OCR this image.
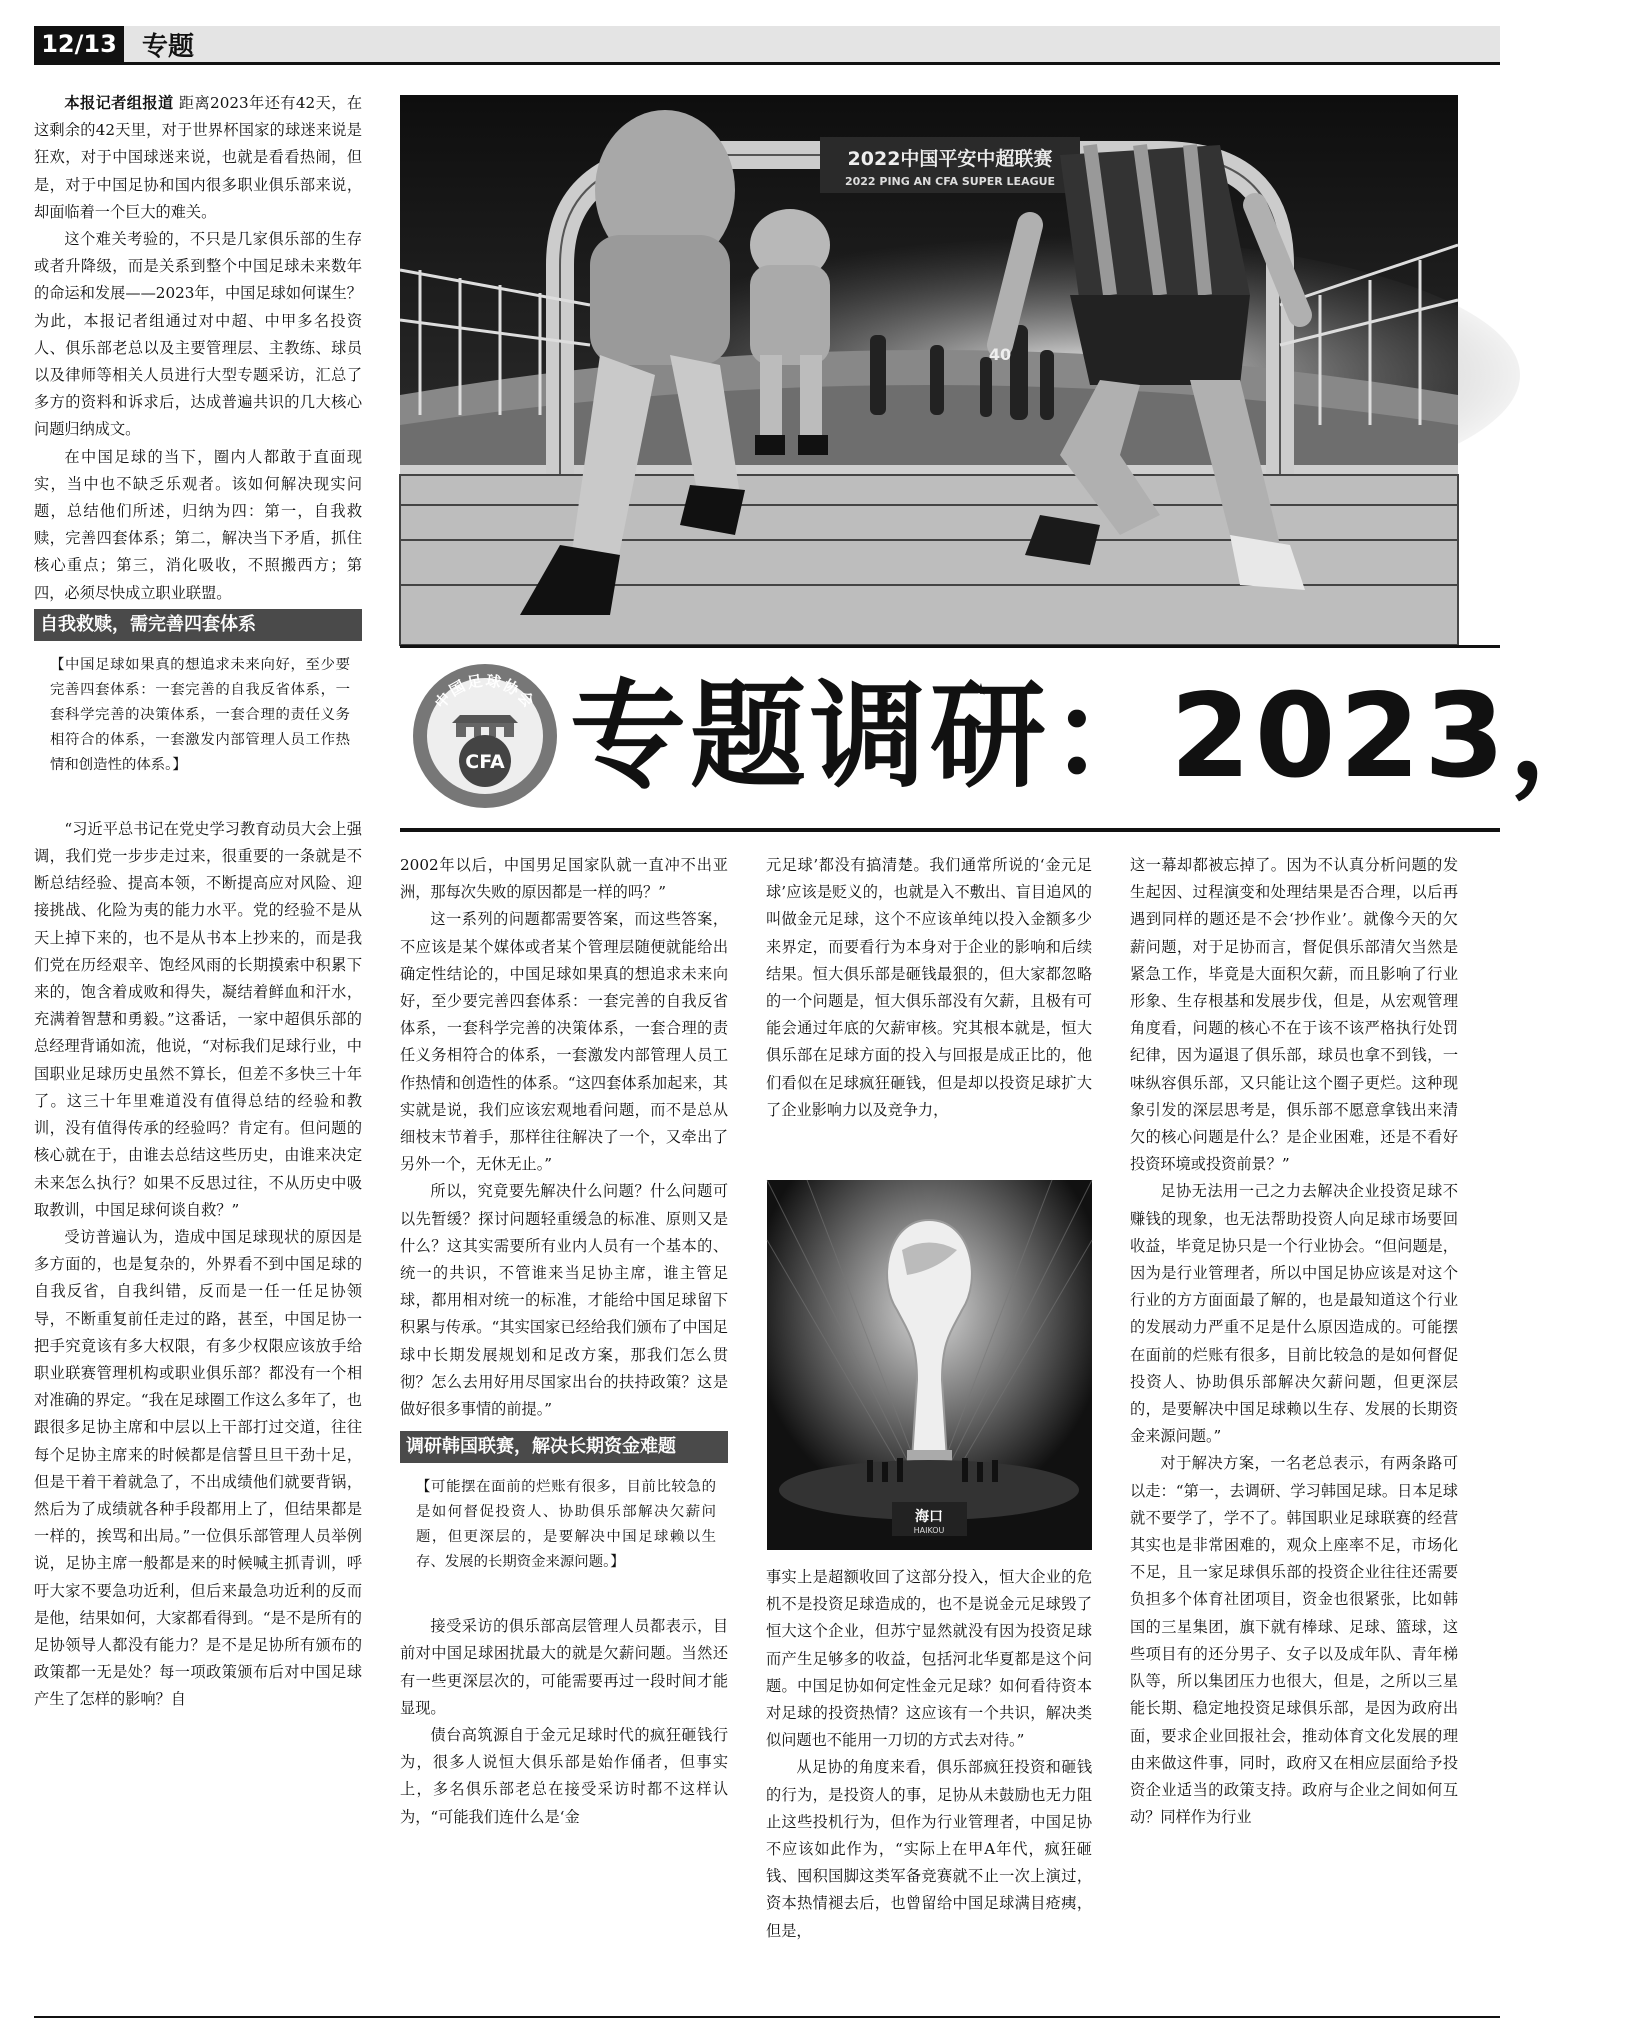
12/13 专题
2022中国平安中超联赛
2022 PING AN CFA SUPER LEAGUE
40
中国足球协会
CFA 专题调研：2023，

本报记者组报道 距离2023年还有42天，在这剩余的42天里，对于世界杯国家的球迷来说是狂欢，对于中国球迷来说，也就是看看热闹，但是，对于中国足协和国内很多职业俱乐部来说，却面临着一个巨大的难关。

这个难关考验的，不只是几家俱乐部的生存或者升降级，而是关系到整个中国足球未来数年的命运和发展——2023年，中国足球如何谋生？为此，本报记者组通过对中超、中甲多名投资人、俱乐部老总以及主要管理层、主教练、球员以及律师等相关人员进行大型专题采访，汇总了多方的资料和诉求后，达成普遍共识的几大核心问题归纳成文。

在中国足球的当下，圈内人都敢于直面现实，当中也不缺乏乐观者。该如何解决现实问题，总结他们所述，归纳为四：第一，自我救赎，完善四套体系；第二，解决当下矛盾，抓住核心重点；第三，消化吸收，不照搬西方；第四，必须尽快成立职业联盟。

自我救赎，需完善四套体系
【中国足球如果真的想追求未来向好，至少要完善四套体系：一套完善的自我反省体系，一套科学完善的决策体系，一套合理的责任义务相符合的体系，一套激发内部管理人员工作热情和创造性的体系。】

“习近平总书记在党史学习教育动员大会上强调，我们党一步步走过来，很重要的一条就是不断总结经验、提高本领，不断提高应对风险、迎接挑战、化险为夷的能力水平。党的经验不是从天上掉下来的，也不是从书本上抄来的，而是我们党在历经艰辛、饱经风雨的长期摸索中积累下来的，饱含着成败和得失，凝结着鲜血和汗水，充满着智慧和勇毅。”这番话，一家中超俱乐部的总经理背诵如流，他说，“对标我们足球行业，中国职业足球历史虽然不算长，但差不多快三十年了。这三十年里难道没有值得总结的经验和教训，没有值得传承的经验吗？肯定有。但问题的核心就在于，由谁去总结这些历史，由谁来决定未来怎么执行？如果不反思过往，不从历史中吸取教训，中国足球何谈自救？”

受访普遍认为，造成中国足球现状的原因是多方面的，也是复杂的，外界看不到中国足球的自我反省，自我纠错，反而是一任一任足协领导，不断重复前任走过的路，甚至，中国足协一把手究竟该有多大权限，有多少权限应该放手给职业联赛管理机构或职业俱乐部？都没有一个相对准确的界定。“我在足球圈工作这么多年了，也跟很多足协主席和中层以上干部打过交道，往往每个足协主席来的时候都是信誓旦旦干劲十足，但是干着干着就急了，不出成绩他们就要背锅，然后为了成绩就各种手段都用上了，但结果都是一样的，挨骂和出局。”一位俱乐部管理人员举例说，足协主席一般都是来的时候喊主抓青训，呼吁大家不要急功近利，但后来最急功近利的反而是他，结果如何，大家都看得到。“是不是所有的足协领导人都没有能力？是不是足协所有颁布的政策都一无是处？每一项政策颁布后对中国足球产生了怎样的影响？自

2002年以后，中国男足国家队就一直冲不出亚洲，那每次失败的原因都是一样的吗？”

这一系列的问题都需要答案，而这些答案，不应该是某个媒体或者某个管理层随便就能给出确定性结论的，中国足球如果真的想追求未来向好，至少要完善四套体系：一套完善的自我反省体系，一套科学完善的决策体系，一套合理的责任义务相符合的体系，一套激发内部管理人员工作热情和创造性的体系。“这四套体系加起来，其实就是说，我们应该宏观地看问题，而不是总从细枝末节着手，那样往往解决了一个，又牵出了另外一个，无休无止。”

所以，究竟要先解决什么问题？什么问题可以先暂缓？探讨问题轻重缓急的标准、原则又是什么？这其实需要所有业内人员有一个基本的、统一的共识，不管谁来当足协主席，谁主管足球，都用相对统一的标准，才能给中国足球留下积累与传承。“其实国家已经给我们颁布了中国足球中长期发展规划和足改方案，那我们怎么贯彻？怎么去用好用尽国家出台的扶持政策？这是做好很多事情的前提。”

调研韩国联赛，解决长期资金难题
【可能摆在面前的烂账有很多，目前比较急的是如何督促投资人、协助俱乐部解决欠薪问题，但更深层的，是要解决中国足球赖以生存、发展的长期资金来源问题。】

接受采访的俱乐部高层管理人员都表示，目前对中国足球困扰最大的就是欠薪问题。当然还有一些更深层次的，可能需要再过一段时间才能显现。

债台高筑源自于金元足球时代的疯狂砸钱行为，很多人说恒大俱乐部是始作俑者，但事实上，多名俱乐部老总在接受采访时都不这样认为，“可能我们连什么是‘金

元足球’都没有搞清楚。我们通常所说的‘金元足球’应该是贬义的，也就是入不敷出、盲目追风的叫做金元足球，这个不应该单纯以投入金额多少来界定，而要看行为本身对于企业的影响和后续结果。恒大俱乐部是砸钱最狠的，但大家都忽略的一个问题是，恒大俱乐部没有欠薪，且极有可能会通过年底的欠薪审核。究其根本就是，恒大俱乐部在足球方面的投入与回报是成正比的，他们看似在足球疯狂砸钱，但是却以投资足球扩大了企业影响力以及竞争力，

海口
HAIKOU

事实上是超额收回了这部分投入，恒大企业的危机不是投资足球造成的，也不是说金元足球毁了恒大这个企业，但苏宁显然就没有因为投资足球而产生足够多的收益，包括河北华夏都是这个问题。中国足协如何定性金元足球？如何看待资本对足球的投资热情？这应该有一个共识，解决类似问题也不能用一刀切的方式去对待。”

从足协的角度来看，俱乐部疯狂投资和砸钱的行为，是投资人的事，足协从未鼓励也无力阻止这些投机行为，但作为行业管理者，中国足协不应该如此作为，“实际上在甲A年代，疯狂砸钱、囤积国脚这类军备竞赛就不止一次上演过，资本热情褪去后，也曾留给中国足球满目疮痍，但是，

这一幕却都被忘掉了。因为不认真分析问题的发生起因、过程演变和处理结果是否合理，以后再遇到同样的题还是不会‘抄作业’。就像今天的欠薪问题，对于足协而言，督促俱乐部清欠当然是紧急工作，毕竟是大面积欠薪，而且影响了行业形象、生存根基和发展步伐，但是，从宏观管理角度看，问题的核心不在于该不该严格执行处罚纪律，因为逼退了俱乐部，球员也拿不到钱，一味纵容俱乐部，又只能让这个圈子更烂。这种现象引发的深层思考是，俱乐部不愿意拿钱出来清欠的核心问题是什么？是企业困难，还是不看好投资环境或投资前景？”

足协无法用一己之力去解决企业投资足球不赚钱的现象，也无法帮助投资人向足球市场要回收益，毕竟足协只是一个行业协会。“但问题是，因为是行业管理者，所以中国足协应该是对这个行业的方方面面最了解的，也是最知道这个行业的发展动力严重不足是什么原因造成的。可能摆在面前的烂账有很多，目前比较急的是如何督促投资人、协助俱乐部解决欠薪问题，但更深层的，是要解决中国足球赖以生存、发展的长期资金来源问题。”

对于解决方案，一名老总表示，有两条路可以走：“第一，去调研、学习韩国足球。日本足球就不要学了，学不了。韩国职业足球联赛的经营其实也是非常困难的，观众上座率不足，市场化不足，且一家足球俱乐部的投资企业往往还需要负担多个体育社团项目，资金也很紧张，比如韩国的三星集团，旗下就有棒球、足球、篮球，这些项目有的还分男子、女子以及成年队、青年梯队等，所以集团压力也很大，但是，之所以三星能长期、稳定地投资足球俱乐部，是因为政府出面，要求企业回报社会，推动体育文化发展的理由来做这件事，同时，政府又在相应层面给予投资企业适当的政策支持。政府与企业之间如何互动？同样作为行业
